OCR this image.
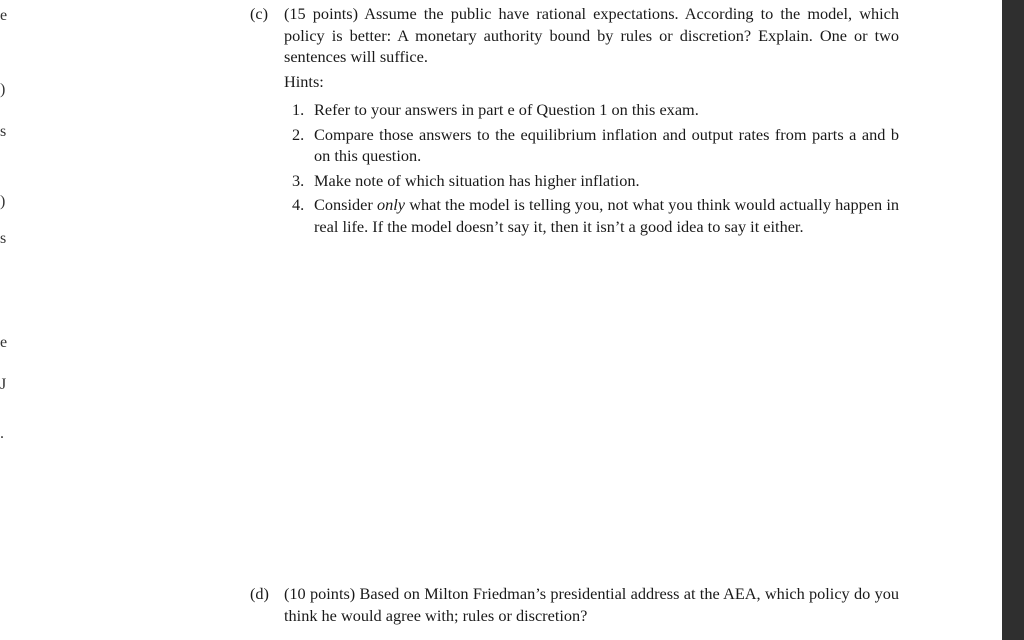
e
)
s
)
s
e
J
.
(c) (15 points) Assume the public have rational expectations. According to the model, which policy is better: A monetary authority bound by rules or discretion? Explain. One or two sentences will suffice.
Hints:
1. Refer to your answers in part e of Question 1 on this exam.
2. Compare those answers to the equilibrium inflation and output rates from parts a and b on this question.
3. Make note of which situation has higher inflation.
4. Consider only what the model is telling you, not what you think would actually happen in real life. If the model doesn’t say it, then it isn’t a good idea to say it either.
(d) (10 points) Based on Milton Friedman’s presidential address at the AEA, which policy do you think he would agree with; rules or discretion?
